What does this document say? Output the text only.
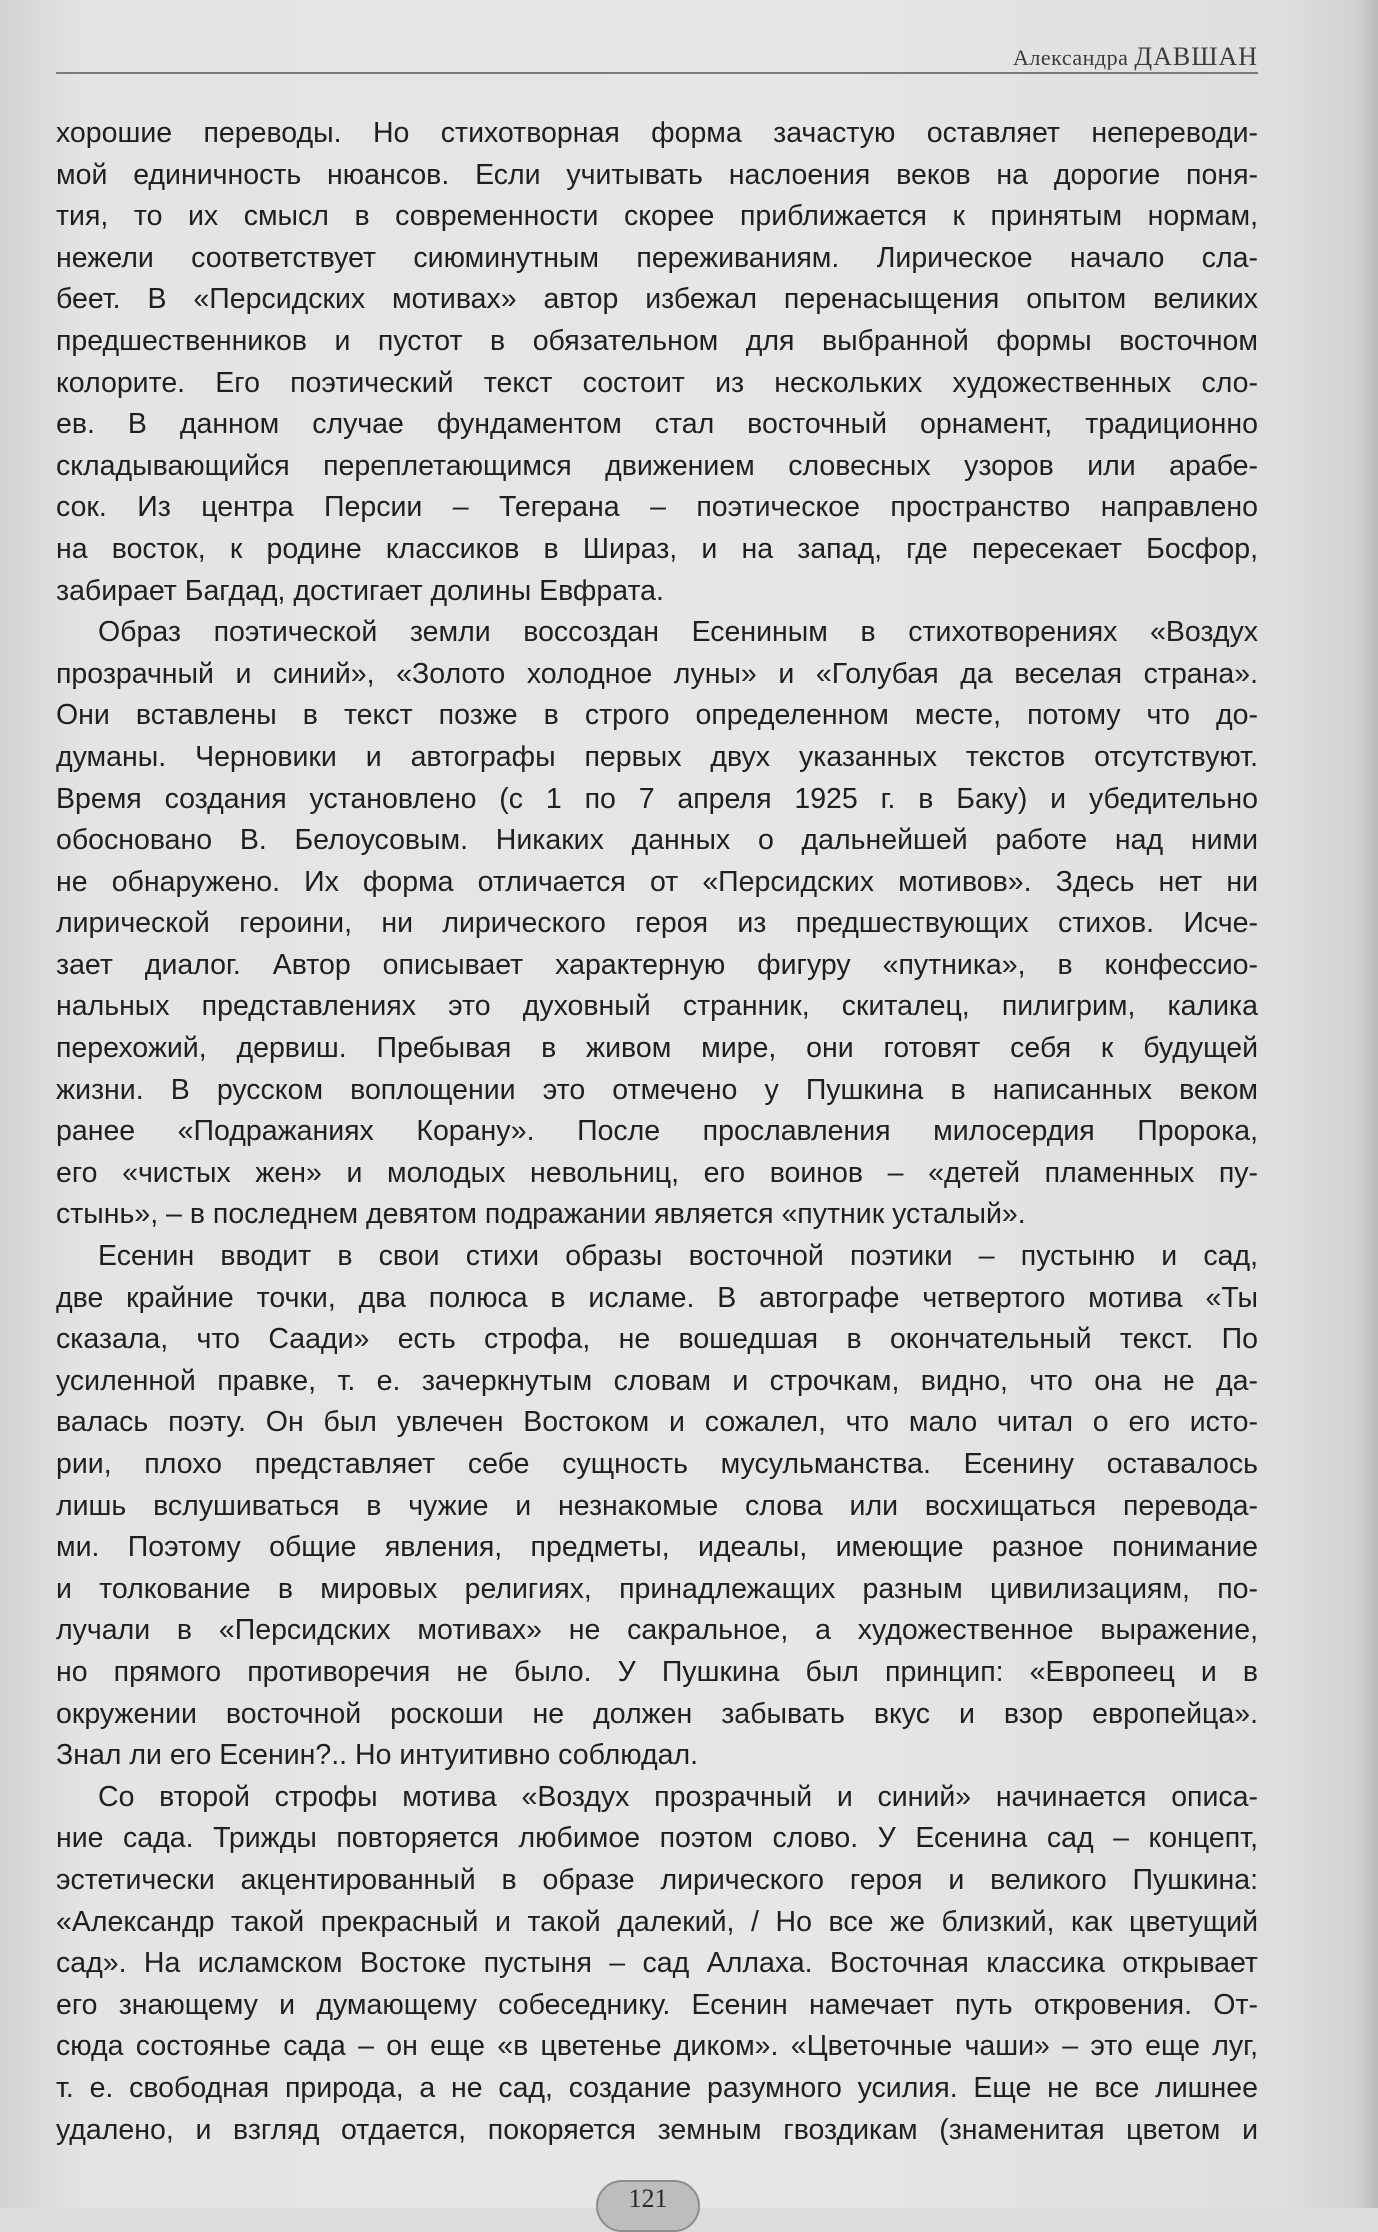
Александра ДАВШАН
хорошие переводы. Но стихотворная форма зачастую оставляет непереводи-
мой единичность нюансов. Если учитывать наслоения веков на дорогие поня-
тия, то их смысл в современности скорее приближается к принятым нормам,
нежели соответствует сиюминутным переживаниям. Лирическое начало сла-
беет. В «Персидских мотивах» автор избежал перенасыщения опытом великих
предшественников и пустот в обязательном для выбранной формы восточном
колорите. Его поэтический текст состоит из нескольких художественных сло-
ев. В данном случае фундаментом стал восточный орнамент, традиционно
складывающийся переплетающимся движением словесных узоров или арабе-
сок. Из центра Персии – Тегерана – поэтическое пространство направлено
на восток, к родине классиков в Шираз, и на запад, где пересекает Босфор,
забирает Багдад, достигает долины Евфрата.
Образ поэтической земли воссоздан Есениным в стихотворениях «Воздух
прозрачный и синий», «Золото холодное луны» и «Голубая да веселая страна».
Они вставлены в текст позже в строго определенном месте, потому что до-
думаны. Черновики и автографы первых двух указанных текстов отсутствуют.
Время создания установлено (с 1 по 7 апреля 1925 г. в Баку) и убедительно
обосновано В. Белоусовым. Никаких данных о дальнейшей работе над ними
не обнаружено. Их форма отличается от «Персидских мотивов». Здесь нет ни
лирической героини, ни лирического героя из предшествующих стихов. Исче-
зает диалог. Автор описывает характерную фигуру «путника», в конфессио-
нальных представлениях это духовный странник, скиталец, пилигрим, калика
перехожий, дервиш. Пребывая в живом мире, они готовят себя к будущей
жизни. В русском воплощении это отмечено у Пушкина в написанных веком
ранее «Подражаниях Корану». После прославления милосердия Пророка,
его «чистых жен» и молодых невольниц, его воинов – «детей пламенных пу-
стынь», – в последнем девятом подражании является «путник усталый».
Есенин вводит в свои стихи образы восточной поэтики – пустыню и сад,
две крайние точки, два полюса в исламе. В автографе четвертого мотива «Ты
сказала, что Саади» есть строфа, не вошедшая в окончательный текст. По
усиленной правке, т. е. зачеркнутым словам и строчкам, видно, что она не да-
валась поэту. Он был увлечен Востоком и сожалел, что мало читал о его исто-
рии, плохо представляет себе сущность мусульманства. Есенину оставалось
лишь вслушиваться в чужие и незнакомые слова или восхищаться переводa-
ми. Поэтому общие явления, предметы, идеалы, имеющие разное понимание
и толкование в мировых религиях, принадлежащих разным цивилизациям, по-
лучали в «Персидских мотивах» не сакральное, а художественное выражение,
но прямого противоречия не было. У Пушкина был принцип: «Европеец и в
окружении восточной роскоши не должен забывать вкус и взор европейца».
Знал ли его Есенин?.. Но интуитивно соблюдал.
Со второй строфы мотива «Воздух прозрачный и синий» начинается описа-
ние сада. Трижды повторяется любимое поэтом слово. У Есенина сад – концепт,
эстетически акцентированный в образе лирического героя и великого Пушкина:
«Александр такой прекрасный и такой далекий, / Но все же близкий, как цветущий
сад». На исламском Востоке пустыня – сад Аллаха. Восточная классика открывает
его знающему и думающему собеседнику. Есенин намечает путь откровения. От-
сюда состоянье сада – он еще «в цветенье диком». «Цветочные чаши» – это еще луг,
т. е. свободная природа, а не сад, создание разумного усилия. Еще не все лишнее
удалено, и взгляд отдается, покоряется земным гвоздикам (знаменитая цветом и
121
